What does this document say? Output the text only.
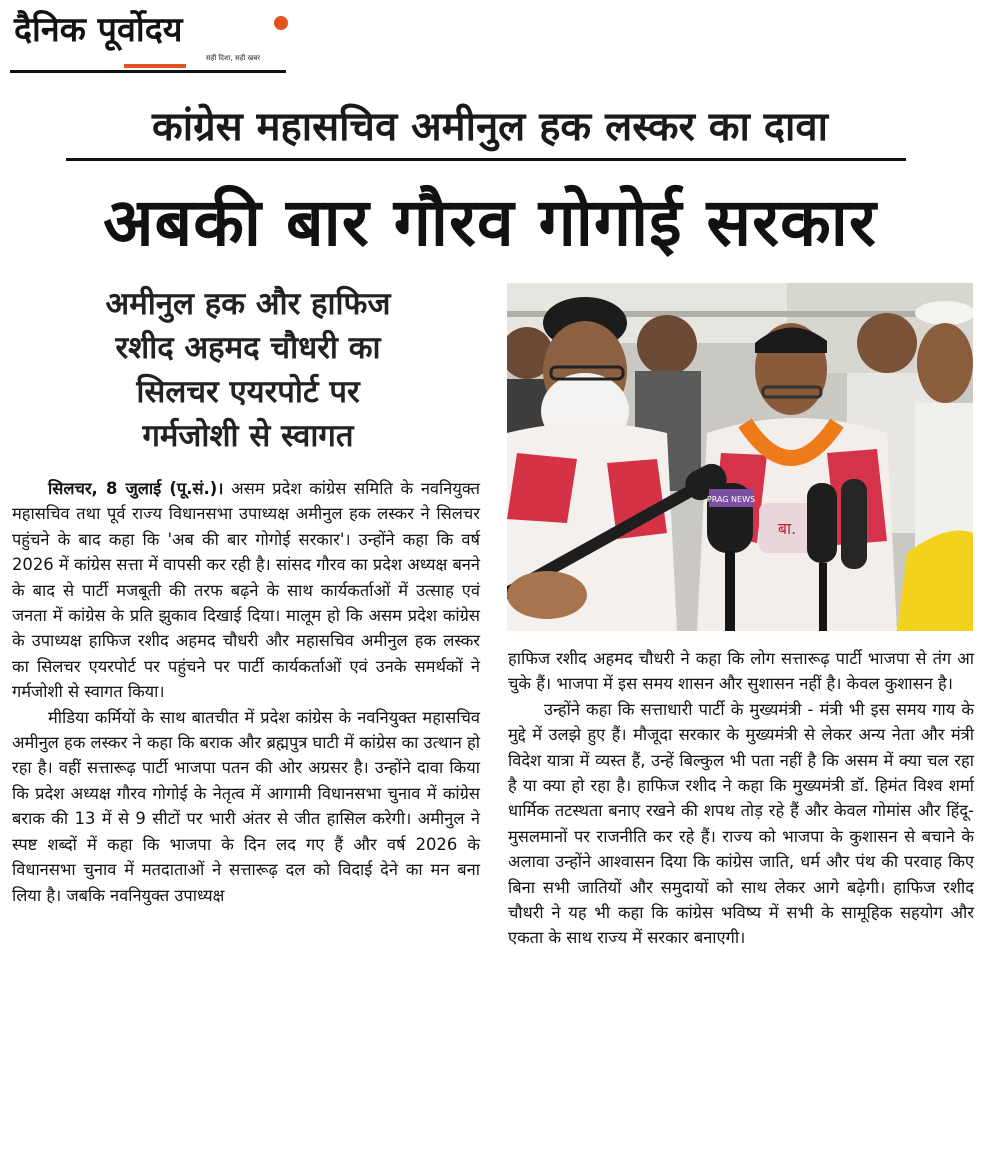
दैनिक पूर्वोदय
सही दिशा, सही खबर
कांग्रेस महासचिव अमीनुल हक लस्कर का दावा
अबकी बार गौरव गोगोई सरकार
अमीनुल हक और हाफिज
रशीद अहमद चौधरी का
सिलचर एयरपोर्ट पर
गर्मजोशी से स्वागत
PRAG NEWS
बा.

सिलचर, 8 जुलाई (पू.सं.)। असम प्रदेश कांग्रेस समिति के नवनियुक्त महासचिव तथा पूर्व राज्य विधानसभा उपाध्यक्ष अमीनुल हक लस्कर ने सिलचर पहुंचने के बाद कहा कि 'अब की बार गोगोई सरकार'। उन्होंने कहा कि वर्ष 2026 में कांग्रेस सत्ता में वापसी कर रही है। सांसद गौरव का प्रदेश अध्यक्ष बनने के बाद से पार्टी मजबूती की तरफ बढ़ने के साथ कार्यकर्ताओं में उत्साह एवं जनता में कांग्रेस के प्रति झुकाव दिखाई दिया। मालूम हो कि असम प्रदेश कांग्रेस के उपाध्यक्ष हाफिज रशीद अहमद चौधरी और महासचिव अमीनुल हक लस्कर का सिलचर एयरपोर्ट पर पहुंचने पर पार्टी कार्यकर्ताओं एवं उनके समर्थकों ने गर्मजोशी से स्वागत किया।

मीडिया कर्मियों के साथ बातचीत में प्रदेश कांग्रेस के नवनियुक्त महासचिव अमीनुल हक लस्कर ने कहा कि बराक और ब्रह्मपुत्र घाटी में कांग्रेस का उत्थान हो रहा है। वहीं सत्तारूढ़ पार्टी भाजपा पतन की ओर अग्रसर है। उन्होंने दावा किया कि प्रदेश अध्यक्ष गौरव गोगोई के नेतृत्व में आगामी विधानसभा चुनाव में कांग्रेस बराक की 13 में से 9 सीटों पर भारी अंतर से जीत हासिल करेगी। अमीनुल ने स्पष्ट शब्दों में कहा कि भाजपा के दिन लद गए हैं और वर्ष 2026 के विधानसभा चुनाव में मतदाताओं ने सत्तारूढ़ दल को विदाई देने का मन बना लिया है। जबकि नवनियुक्त उपाध्यक्ष

हाफिज रशीद अहमद चौधरी ने कहा कि लोग सत्तारूढ़ पार्टी भाजपा से तंग आ चुके हैं। भाजपा में इस समय शासन और सुशासन नहीं है। केवल कुशासन है।

उन्होंने कहा कि सत्ताधारी पार्टी के मुख्यमंत्री - मंत्री भी इस समय गाय के मुद्दे में उलझे हुए हैं। मौजूदा सरकार के मुख्यमंत्री से लेकर अन्य नेता और मंत्री विदेश यात्रा में व्यस्त हैं, उन्हें बिल्कुल भी पता नहीं है कि असम में क्या चल रहा है या क्या हो रहा है। हाफिज रशीद ने कहा कि मुख्यमंत्री डॉ. हिमंत विश्व शर्मा धार्मिक तटस्थता बनाए रखने की शपथ तोड़ रहे हैं और केवल गोमांस और हिंदू-मुसलमानों पर राजनीति कर रहे हैं। राज्य को भाजपा के कुशासन से बचाने के अलावा उन्होंने आश्वासन दिया कि कांग्रेस जाति, धर्म और पंथ की परवाह किए बिना सभी जातियों और समुदायों को साथ लेकर आगे बढ़ेगी। हाफिज रशीद चौधरी ने यह भी कहा कि कांग्रेस भविष्य में सभी के सामूहिक सहयोग और एकता के साथ राज्य में सरकार बनाएगी।
